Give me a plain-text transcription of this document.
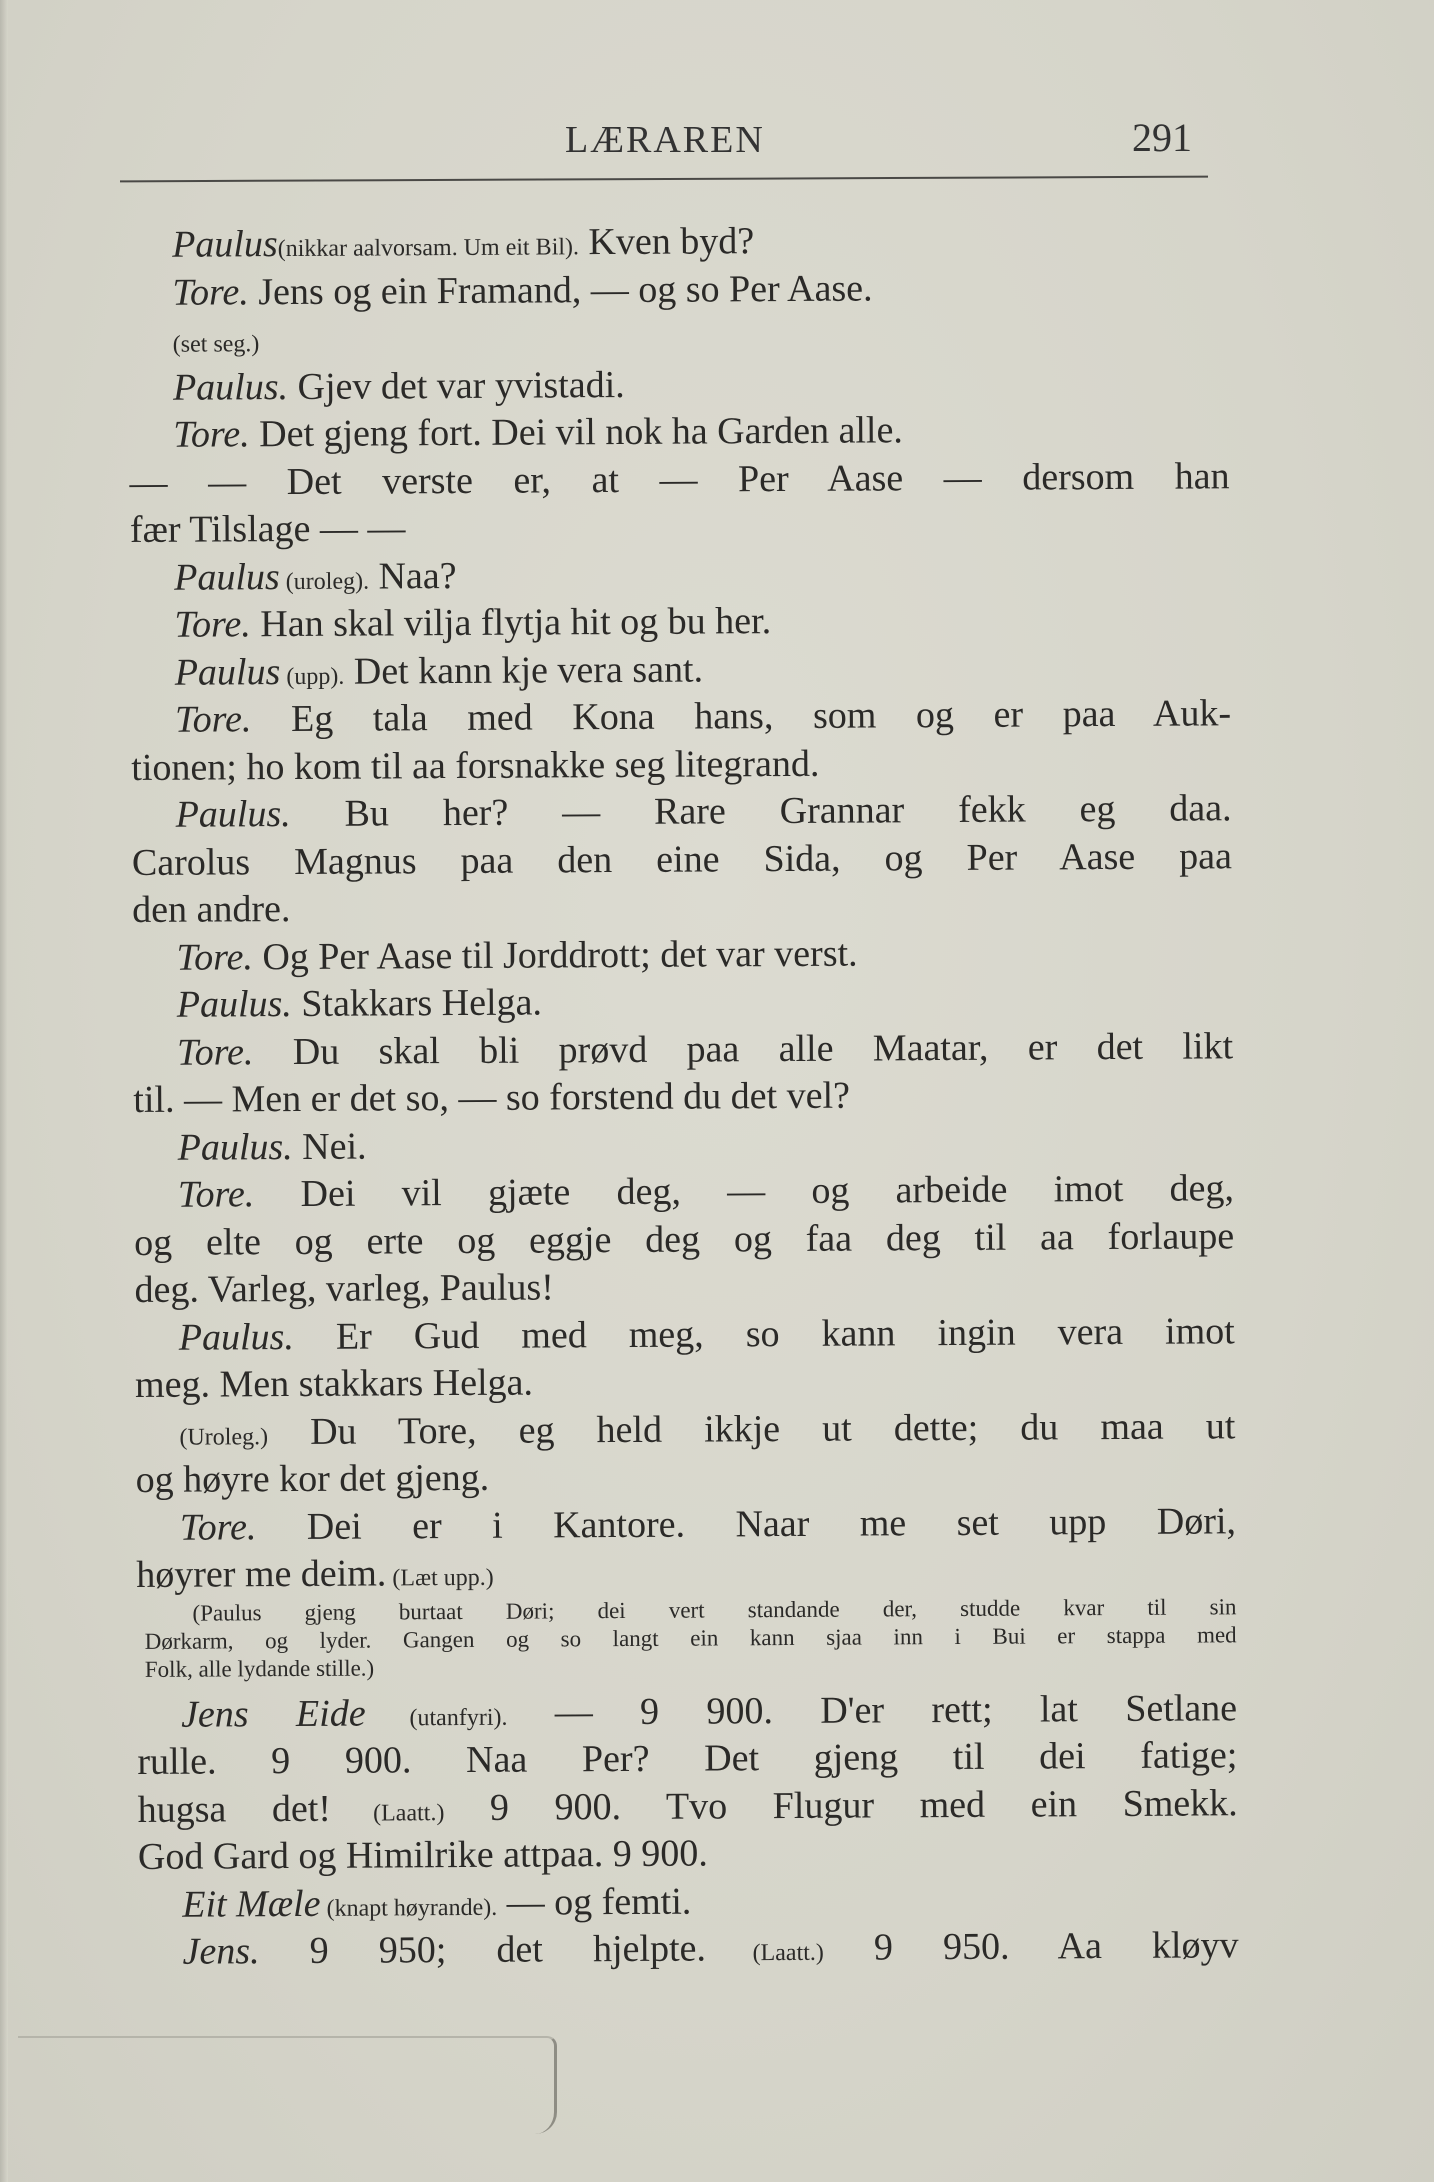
LÆRAREN	291
Paulus(nikkar aalvorsam. Um eit Bil). Kven byd?
Tore. Jens og ein Framand, — og so Per Aase.
(set seg.)
Paulus. Gjev det var yvistadi.
Tore. Det gjeng fort. Dei vil nok ha Garden alle.
— — Det verste er, at — Per Aase — dersom han
fær Tilslage — —
Paulus (uroleg). Naa?
Tore. Han skal vilja flytja hit og bu her.
Paulus (upp). Det kann kje vera sant.
Tore. Eg tala med Kona hans, som og er paa Auk-
tionen; ho kom til aa forsnakke seg litegrand.
Paulus. Bu her? — Rare Grannar fekk eg daa.
Carolus Magnus paa den eine Sida, og Per Aase paa
den andre.
Tore. Og Per Aase til Jorddrott; det var verst.
Paulus. Stakkars Helga.
Tore. Du skal bli prøvd paa alle Maatar, er det likt
til. — Men er det so, — so forstend du det vel?
Paulus. Nei.
Tore. Dei vil gjæte deg, — og arbeide imot deg,
og elte og erte og eggje deg og faa deg til aa forlaupe
deg. Varleg, varleg, Paulus!
Paulus. Er Gud med meg, so kann ingin vera imot
meg. Men stakkars Helga.
(Uroleg.) Du Tore, eg held ikkje ut dette; du maa ut
og høyre kor det gjeng.
Tore. Dei er i Kantore. Naar me set upp Døri,
høyrer me deim. (Læt upp.)
(Paulus gjeng burtaat Døri; dei vert standande der, studde kvar til sin
Dørkarm, og lyder. Gangen og so langt ein kann sjaa inn i Bui er stappa med
Folk, alle lydande stille.)
Jens Eide (utanfyri). — 9 900. D'er rett; lat Setlane
rulle. 9 900. Naa Per? Det gjeng til dei fatige;
hugsa det! (Laatt.) 9 900. Tvo Flugur med ein Smekk.
God Gard og Himilrike attpaa. 9 900.
Eit Mæle (knapt høyrande). — og femti.
Jens. 9 950; det hjelpte. (Laatt.) 9 950. Aa kløyv
